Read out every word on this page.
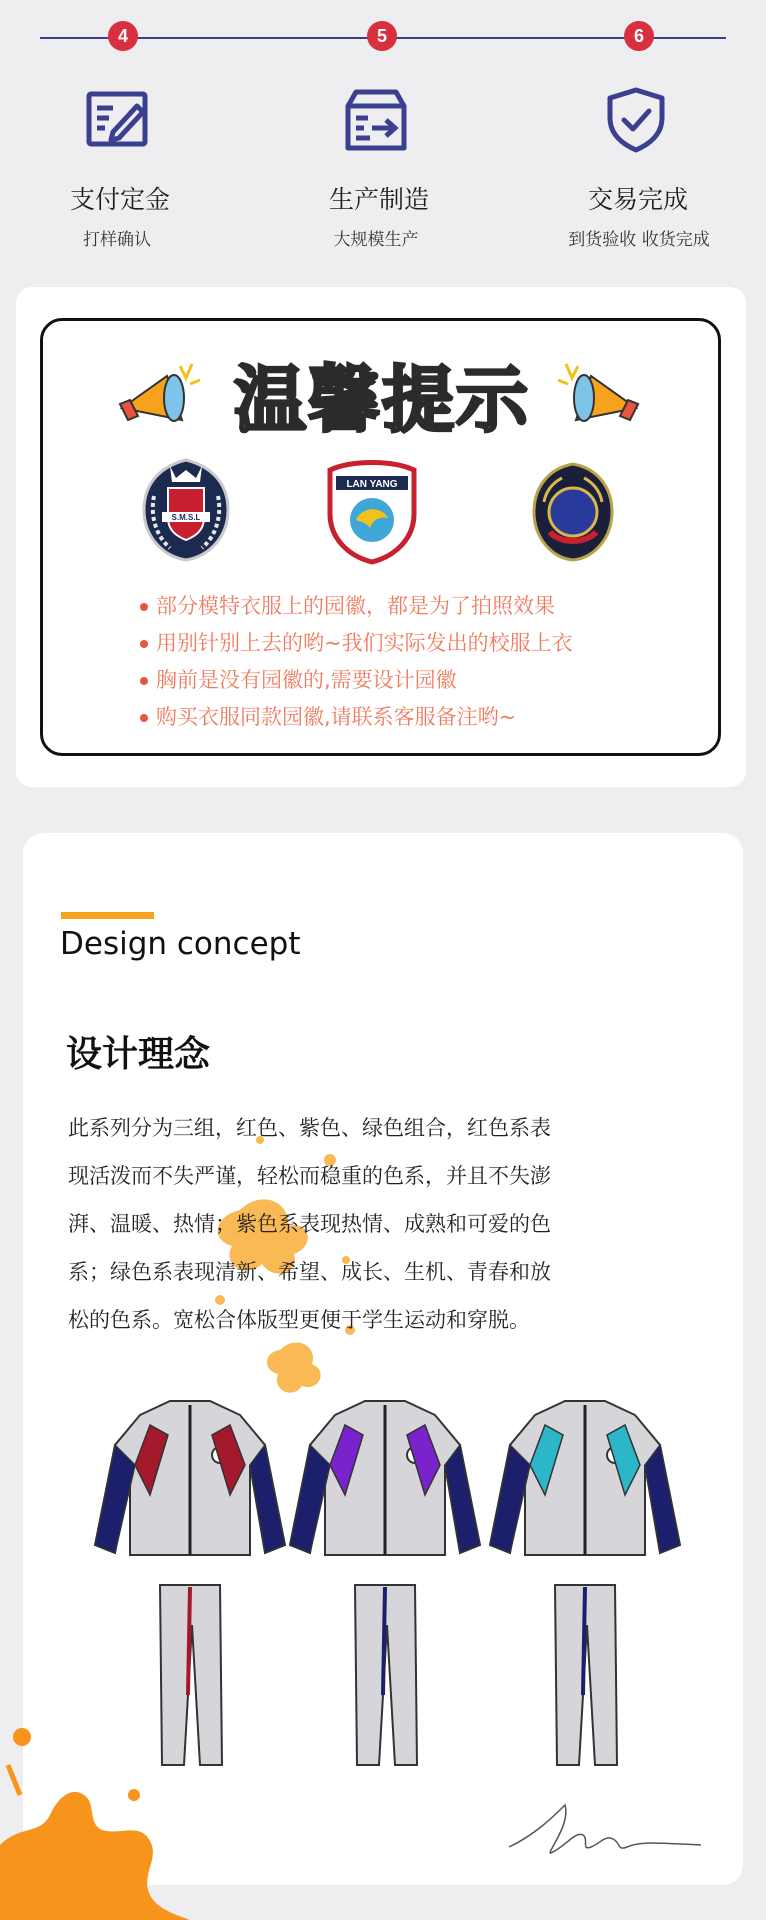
4	5	6
支付定金	生产制造	交易完成
打样确认	大规模生产	到货验收 收货完成
温馨提示
S.M.S.L
LAN YANG
部分模特衣服上的园徽，都是为了拍照效果
用别针别上去的哟~我们实际发出的校服上衣
胸前是没有园徽的,需要设计园徽
购买衣服同款园徽,请联系客服备注哟~
Design concept
设计理念
此系列分为三组，红色、紫色、绿色组合，红色系表
现活泼而不失严谨，轻松而稳重的色系，并且不失澎
湃、温暖、热情；紫色系表现热情、成熟和可爱的色
系；绿色系表现清新、希望、成长、生机、青春和放
松的色系。宽松合体版型更便于学生运动和穿脱。
